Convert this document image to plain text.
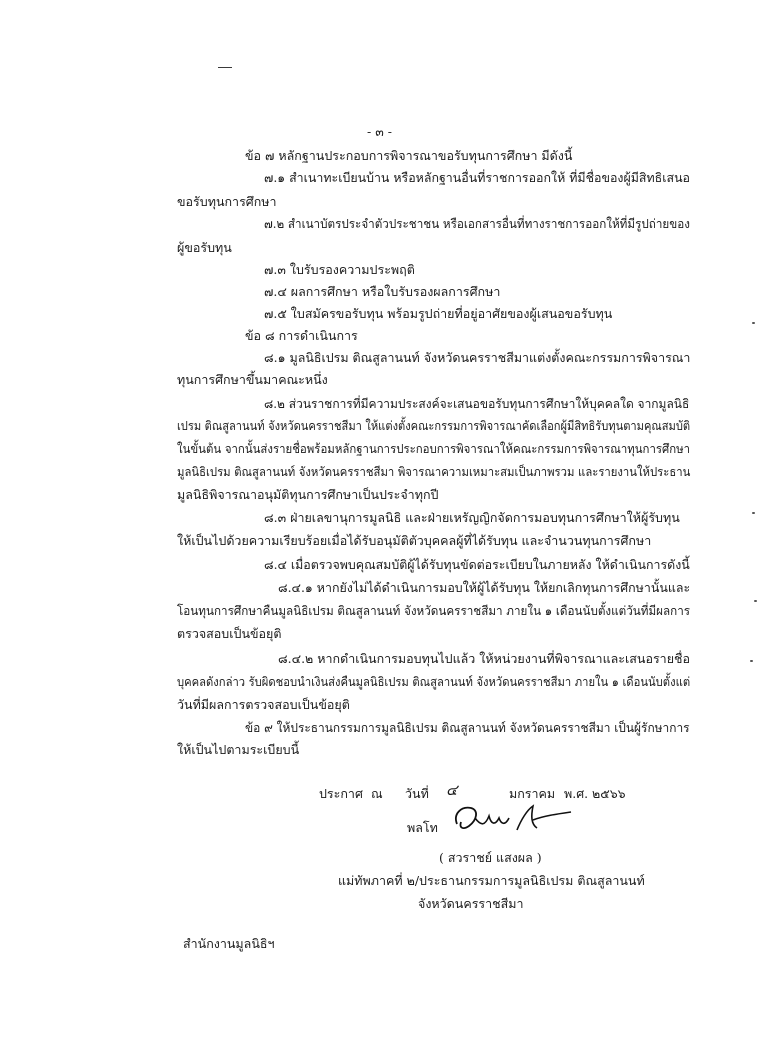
- ๓ -
ข้อ ๗ หลักฐานประกอบการพิจารณาขอรับทุนการศึกษา มีดังนี้
๗.๑ สำเนาทะเบียนบ้าน หรือหลักฐานอื่นที่ราชการออกให้ ที่มีชื่อของผู้มีสิทธิเสนอ
ขอรับทุนการศึกษา
๗.๒ สำเนาบัตรประจำตัวประชาชน หรือเอกสารอื่นที่ทางราชการออกให้ที่มีรูปถ่ายของ
ผู้ขอรับทุน
๗.๓ ใบรับรองความประพฤติ
๗.๔ ผลการศึกษา หรือใบรับรองผลการศึกษา
๗.๕ ใบสมัครขอรับทุน พร้อมรูปถ่ายที่อยู่อาศัยของผู้เสนอขอรับทุน
ข้อ ๘ การดำเนินการ
๘.๑ มูลนิธิเปรม ติณสูลานนท์ จังหวัดนครราชสีมาแต่งตั้งคณะกรรมการพิจารณา
ทุนการศึกษาขึ้นมาคณะหนึ่ง
๘.๒ ส่วนราชการที่มีความประสงค์จะเสนอขอรับทุนการศึกษาให้บุคคลใด จากมูลนิธิ
เปรม ติณสูลานนท์ จังหวัดนครราชสีมา ให้แต่งตั้งคณะกรรมการพิจารณาคัดเลือกผู้มีสิทธิรับทุนตามคุณสมบัติ
ในขั้นต้น จากนั้นส่งรายชื่อพร้อมหลักฐานการประกอบการพิจารณาให้คณะกรรมการพิจารณาทุนการศึกษา
มูลนิธิเปรม ติณสูลานนท์ จังหวัดนครราชสีมา พิจารณาความเหมาะสมเป็นภาพรวม และรายงานให้ประธาน
มูลนิธิพิจารณาอนุมัติทุนการศึกษาเป็นประจำทุกปี
๘.๓ ฝ่ายเลขานุการมูลนิธิ และฝ่ายเหรัญญิกจัดการมอบทุนการศึกษาให้ผู้รับทุน
ให้เป็นไปด้วยความเรียบร้อยเมื่อได้รับอนุมัติตัวบุคคลผู้ที่ได้รับทุน และจำนวนทุนการศึกษา
๘.๔ เมื่อตรวจพบคุณสมบัติผู้ได้รับทุนขัดต่อระเบียบในภายหลัง ให้ดำเนินการดังนี้
๘.๔.๑ หากยังไม่ได้ดำเนินการมอบให้ผู้ได้รับทุน ให้ยกเลิกทุนการศึกษานั้นและ
โอนทุนการศึกษาคืนมูลนิธิเปรม ติณสูลานนท์ จังหวัดนครราชสีมา ภายใน ๑ เดือนนับตั้งแต่วันที่มีผลการ
ตรวจสอบเป็นข้อยุติ
๘.๔.๒ หากดำเนินการมอบทุนไปแล้ว ให้หน่วยงานที่พิจารณาและเสนอรายชื่อ
บุคคลดังกล่าว รับผิดชอบนำเงินส่งคืนมูลนิธิเปรม ติณสูลานนท์ จังหวัดนครราชสีมา ภายใน ๑ เดือนนับตั้งแต่
วันที่มีผลการตรวจสอบเป็นข้อยุติ
ข้อ ๙ ให้ประธานกรรมการมูลนิธิเปรม ติณสูลานนท์ จังหวัดนครราชสีมา เป็นผู้รักษาการ
ให้เป็นไปตามระเบียบนี้
ประกาศ ณ วันที่ ๔	มกราคม พ.ศ. ๒๕๖๖
พลโท
( สวราชย์ แสงผล )
แม่ทัพภาคที่ ๒/ประธานกรรมการมูลนิธิเปรม ติณสูลานนท์
จังหวัดนครราชสีมา
สำนักงานมูลนิธิฯ
